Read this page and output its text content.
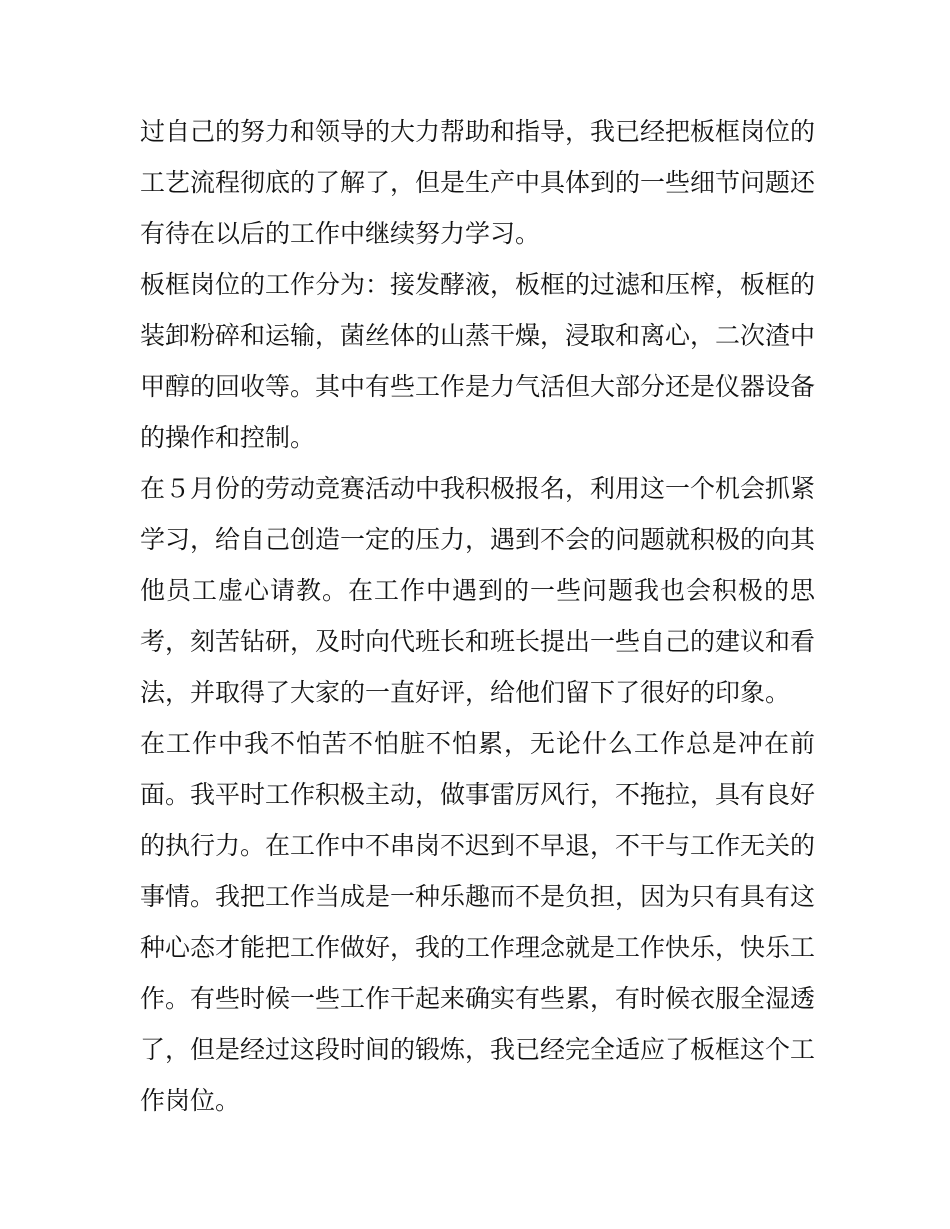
过自己的努力和领导的大力帮助和指导，我已经把板框岗位的
工艺流程彻底的了解了，但是生产中具体到的一些细节问题还
有待在以后的工作中继续努力学习。
板框岗位的工作分为：接发酵液，板框的过滤和压榨，板框的
装卸粉碎和运输，菌丝体的山蒸干燥，浸取和离心，二次渣中
甲醇的回收等。其中有些工作是力气活但大部分还是仪器设备
的操作和控制。
在５月份的劳动竞赛活动中我积极报名，利用这一个机会抓紧
学习，给自己创造一定的压力，遇到不会的问题就积极的向其
他员工虚心请教。在工作中遇到的一些问题我也会积极的思
考，刻苦钻研，及时向代班长和班长提出一些自己的建议和看
法，并取得了大家的一直好评，给他们留下了很好的印象。
在工作中我不怕苦不怕脏不怕累，无论什么工作总是冲在前
面。我平时工作积极主动，做事雷厉风行，不拖拉，具有良好
的执行力。在工作中不串岗不迟到不早退，不干与工作无关的
事情。我把工作当成是一种乐趣而不是负担，因为只有具有这
种心态才能把工作做好，我的工作理念就是工作快乐，快乐工
作。有些时候一些工作干起来确实有些累，有时候衣服全湿透
了，但是经过这段时间的锻炼，我已经完全适应了板框这个工
作岗位。
